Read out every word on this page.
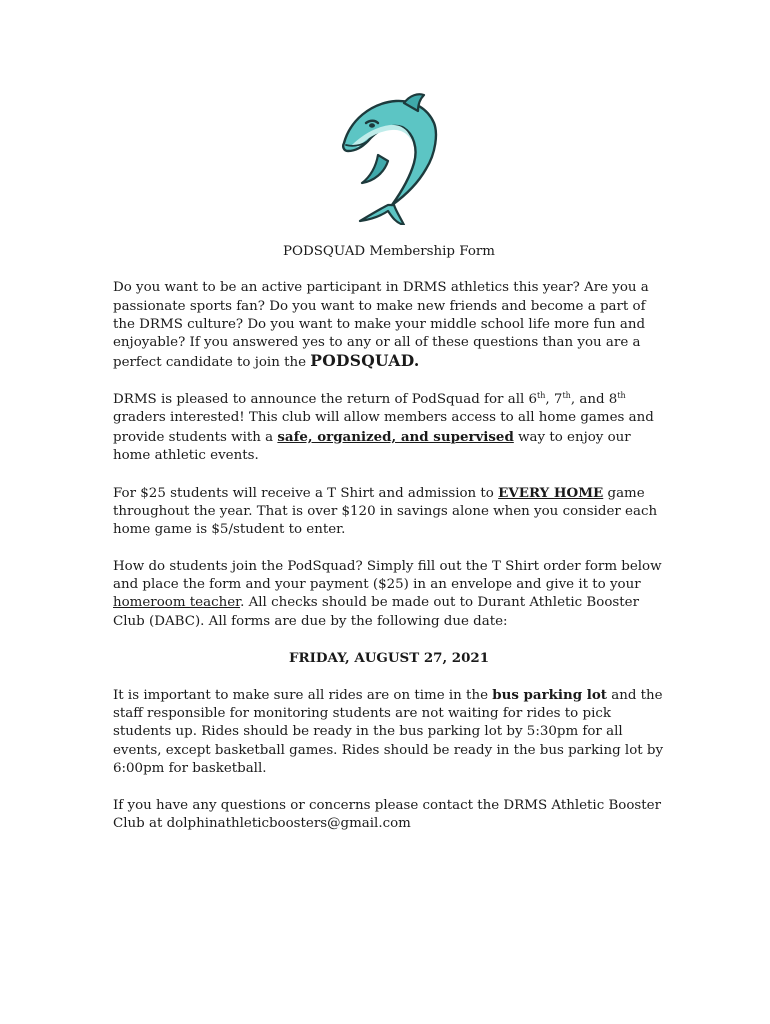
PODSQUAD Membership Form

Do you want to be an active participant in DRMS athletics this year? Are you a passionate sports fan? Do you want to make new friends and become a part of the DRMS culture? Do you want to make your middle school life more fun and enjoyable? If you answered yes to any or all of these questions than you are a perfect candidate to join the PODSQUAD.

DRMS is pleased to announce the return of PodSquad for all 6th, 7th, and 8th graders interested! This club will allow members access to all home games and provide students with a safe, organized, and supervised way to enjoy our home athletic events.

For $25 students will receive a T Shirt and admission to EVERY HOME game throughout the year. That is over $120 in savings alone when you consider each home game is $5/student to enter.

How do students join the PodSquad? Simply fill out the T Shirt order form below and place the form and your payment ($25) in an envelope and give it to your homeroom teacher. All checks should be made out to Durant Athletic Booster Club (DABC). All forms are due by the following due date:

FRIDAY, AUGUST 27, 2021

It is important to make sure all rides are on time in the bus parking lot and the staff responsible for monitoring students are not waiting for rides to pick students up. Rides should be ready in the bus parking lot by 5:30pm for all events, except basketball games. Rides should be ready in the bus parking lot by 6:00pm for basketball.

If you have any questions or concerns please contact the DRMS Athletic Booster Club at dolphinathleticboosters@gmail.com
